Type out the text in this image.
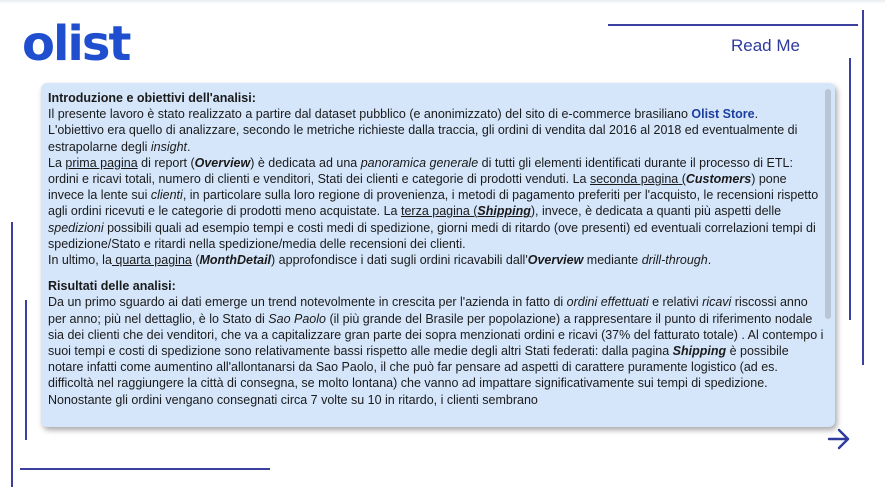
olist	Read Me

Introduzione e obiettivi dell'analisi:

Il presente lavoro è stato realizzato a partire dal dataset pubblico (e anonimizzato) del sito di e-commerce brasiliano Olist Store.

L'obiettivo era quello di analizzare, secondo le metriche richieste dalla traccia, gli ordini di vendita dal 2016 al 2018 ed eventualmente di estrapolarne degli insight.

La prima pagina di report (Overview) è dedicata ad una panoramica generale di tutti gli elementi identificati durante il processo di ETL: ordini e ricavi totali, numero di clienti e venditori, Stati dei clienti e categorie di prodotti venduti. La seconda pagina (Customers) pone invece la lente sui clienti, in particolare sulla loro regione di provenienza, i metodi di pagamento preferiti per l'acquisto, le recensioni rispetto agli ordini ricevuti e le categorie di prodotti meno acquistate. La terza pagina (Shipping), invece, è dedicata a quanti più aspetti delle spedizioni possibili quali ad esempio tempi e costi medi di spedizione, giorni medi di ritardo (ove presenti) ed eventuali correlazioni tempi di spedizione/Stato e ritardi nella spedizione/media delle recensioni dei clienti.

In ultimo, la quarta pagina (MonthDetail) approfondisce i dati sugli ordini ricavabili dall'Overview mediante drill-through.

Risultati delle analisi:

Da un primo sguardo ai dati emerge un trend notevolmente in crescita per l'azienda in fatto di ordini effettuati e relativi ricavi riscossi anno per anno; più nel dettaglio, è lo Stato di Sao Paolo (il più grande del Brasile per popolazione) a rappresentare il punto di riferimento nodale sia dei clienti che dei venditori, che va a capitalizzare gran parte dei sopra menzionati ordini e ricavi (37% del fatturato totale) . Al contempo i suoi tempi e costi di spedizione sono relativamente bassi rispetto alle medie degli altri Stati federati: dalla pagina Shipping è possibile notare infatti come aumentino all'allontanarsi da Sao Paolo, il che può far pensare ad aspetti di carattere puramente logistico (ad es. difficoltà nel raggiungere la città di consegna, se molto lontana) che vanno ad impattare significativamente sui tempi di spedizione. Nonostante gli ordini vengano consegnati circa 7 volte su 10 in ritardo, i clienti sembrano
